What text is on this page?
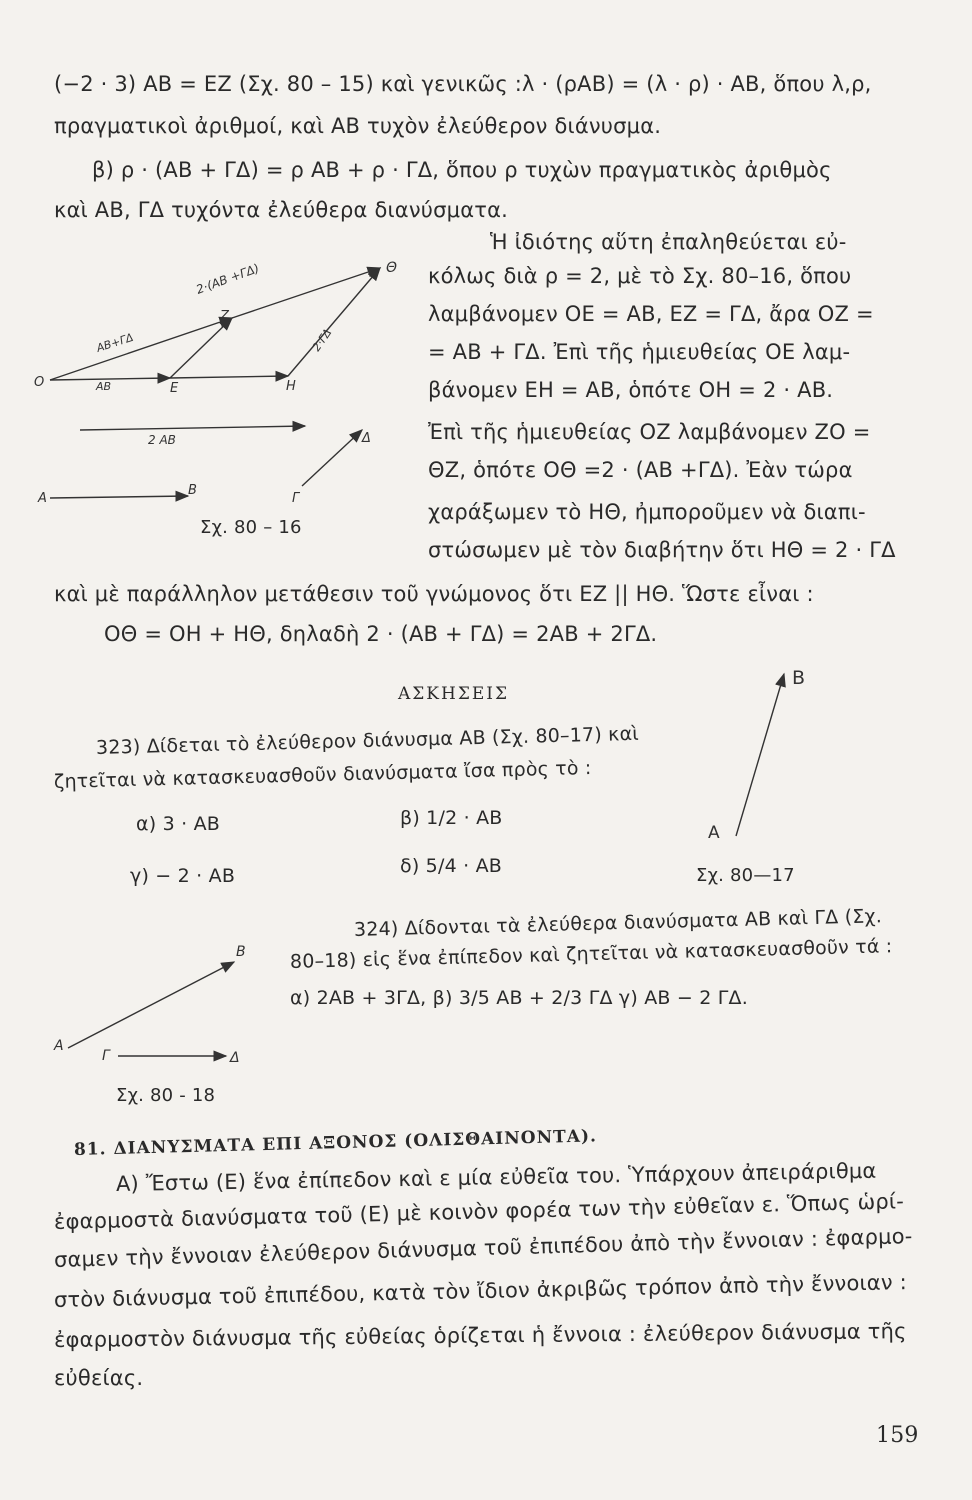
(−2 · 3) AB = EZ (Σχ. 80 – 15) καὶ γενικῶς :λ · (ρAB) = (λ · ρ) · AB, ὅπου λ,ρ,
πραγματικοὶ ἀριθμοί, καὶ AB τυχὸν ἐλεύθερον διάνυσμα.
β) ρ · (AB + ΓΔ) = ρ AB + ρ · ΓΔ, ὅπου ρ τυχὼν πραγματικὸς ἀριθμὸς
καὶ AB, ΓΔ τυχόντα ἐλεύθερα διανύσματα.
Ἡ ἰδιότης αὕτη ἐπαληθεύεται εὐ-
κόλως διὰ ρ = 2, μὲ τὸ Σχ. 80–16, ὅπου
λαμβάνομεν OE = AB, EZ = ΓΔ, ἄρα OZ =
= AB + ΓΔ. Ἐπὶ τῆς ἡμιευθείας OE λαμ-
βάνομεν EH = AB, ὁπότε OH = 2 · AB.
Ἐπὶ τῆς ἡμιευθείας OZ λαμβάνομεν ZO =
ΘZ, ὁπότε OΘ =2 · (AB +ΓΔ). Ἐὰν τώρα
χαράξωμεν τὸ HΘ, ἠμποροῦμεν νὰ διαπι-
στώσωμεν μὲ τὸν διαβήτην ὅτι HΘ = 2 · ΓΔ
καὶ μὲ παράλληλον μετάθεσιν τοῦ γνώμονος ὅτι EZ || HΘ. Ὥστε εἶναι :
OΘ = OH + HΘ, δηλαδὴ 2 · (AB + ΓΔ) = 2AB + 2ΓΔ.
O	E	H
Z
Θ
A
B
Γ
Δ
AB
AB+ΓΔ
2 AB
2·(AB +ΓΔ)
2·ΓΔ
Σχ. 80 – 16
ΑΣΚΗΣΕΙΣ
323) Δίδεται τὸ ἐλεύθερον διάνυσμα AB (Σχ. 80–17) καὶ
ζητεῖται νὰ κατασκευασθοῦν διανύσματα ἴσα πρὸς τὸ :
α) 3 · AB	β) 1/2 · AB
γ) − 2 · AB	δ) 5/4 · AB
A
B
Σχ. 80—17
324) Δίδονται τὰ ἐλεύθερα διανύσματα AB καὶ ΓΔ (Σχ.
80–18) εἰς ἕνα ἐπίπεδον καὶ ζητεῖται νὰ κατασκευασθοῦν τά :
α) 2AB + 3ΓΔ, β) 3/5 AB + 2/3 ΓΔ γ) AB − 2 ΓΔ.
A
B
Γ	Δ
Σχ. 80 - 18
81. ΔΙΑΝΥΣΜΑΤΑ ΕΠΙ ΑΞΟΝΟΣ (ΟΛΙΣΘΑΙΝΟΝΤΑ).
Α) Ἔστω (E) ἕνα ἐπίπεδον καὶ ε μία εὐθεῖα του. Ὑπάρχουν ἀπειράριθμα
ἐφαρμοστὰ διανύσματα τοῦ (E) μὲ κοινὸν φορέα των τὴν εὐθεῖαν ε. Ὅπως ὡρί-
σαμεν τὴν ἔννοιαν ἐλεύθερον διάνυσμα τοῦ ἐπιπέδου ἀπὸ τὴν ἔννοιαν : ἐφαρμο-
στὸν διάνυσμα τοῦ ἐπιπέδου, κατὰ τὸν ἴδιον ἀκριβῶς τρόπον ἀπὸ τὴν ἔννοιαν :
ἐφαρμοστὸν διάνυσμα τῆς εὐθείας ὁρίζεται ἡ ἔννοια : ἐλεύθερον διάνυσμα τῆς
εὐθείας.
159
